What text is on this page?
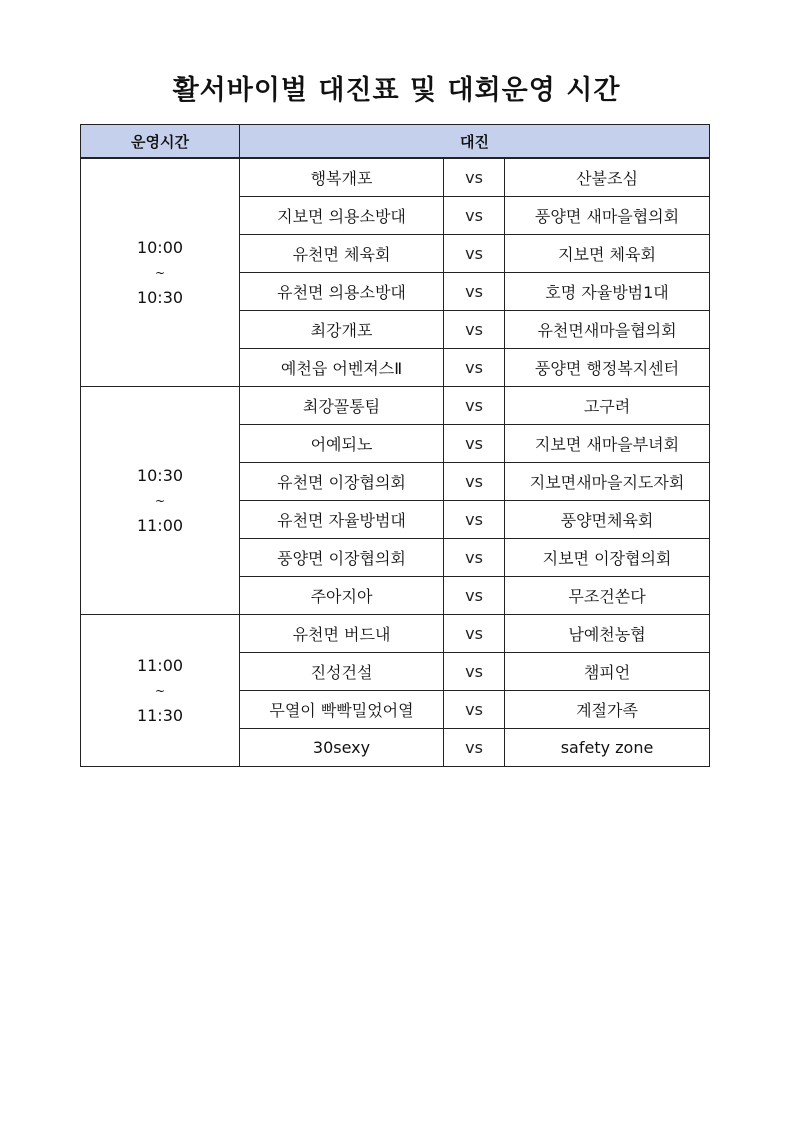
활서바이벌 대진표 및 대회운영 시간
운영시간	대진		

10:00
~
10:30	행복개포	vs	산불조심
	지보면 의용소방대	vs	풍양면 새마을협의회
	유천면 체육회	vs	지보면 체육회
	유천면 의용소방대	vs	호명 자율방범1대
	최강개포	vs	유천면새마을협의회
	예천읍 어벤져스Ⅱ	vs	풍양면 행정복지센터

10:30
~
11:00	최강꼴통팀	vs	고구려
	어예되노	vs	지보면 새마을부녀회
	유천면 이장협의회	vs	지보면새마을지도자회
	유천면 자율방범대	vs	풍양면체육회
	풍양면 이장협의회	vs	지보면 이장협의회
	주아지아	vs	무조건쏜다

11:00
~
11:30	유천면 버드내	vs	남예천농협
	진성건설	vs	챔피언
	무열이 빡빡밀었어열	vs	계절가족
	30sexy	vs	safety zone
